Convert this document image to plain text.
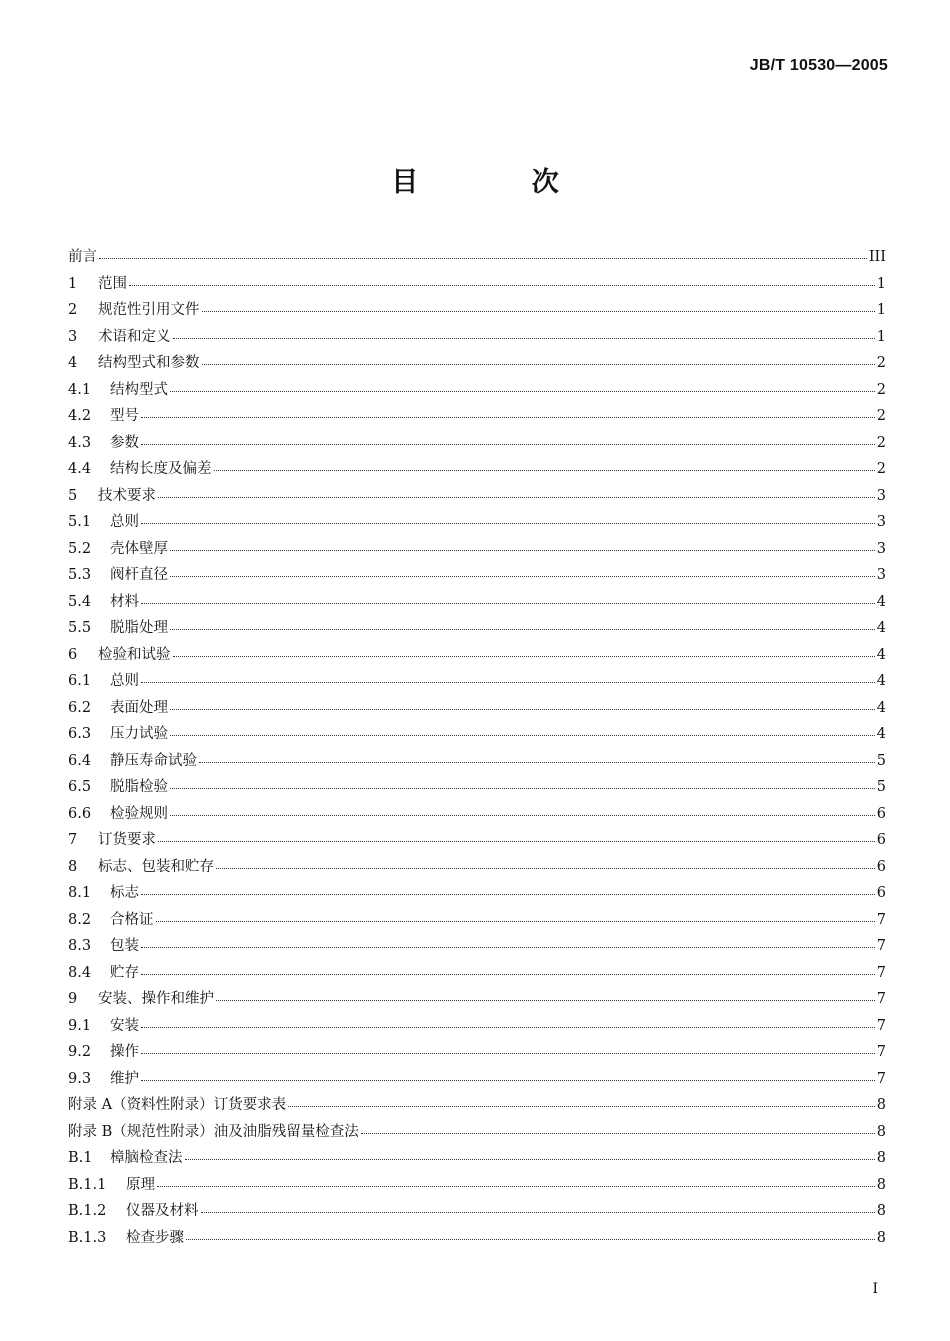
JB/T 10530—2005
目 次
前言	III
1	范围	1
2	规范性引用文件	1
3	术语和定义	1
4	结构型式和参数	2
4.1	结构型式	2
4.2	型号	2
4.3	参数	2
4.4	结构长度及偏差	2
5	技术要求	3
5.1	总则	3
5.2	壳体壁厚	3
5.3	阀杆直径	3
5.4	材料	4
5.5	脱脂处理	4
6	检验和试验	4
6.1	总则	4
6.2	表面处理	4
6.3	压力试验	4
6.4	静压寿命试验	5
6.5	脱脂检验	5
6.6	检验规则	6
7	订货要求	6
8	标志、包装和贮存	6
8.1	标志	6
8.2	合格证	7
8.3	包装	7
8.4	贮存	7
9	安装、操作和维护	7
9.1	安装	7
9.2	操作	7
9.3	维护	7
附录 A（资料性附录）订货要求表	8
附录 B（规范性附录）油及油脂残留量检查法	8
B.1	樟脑检查法	8
B.1.1	原理	8
B.1.2	仪器及材料	8
B.1.3	检查步骤	8
I
